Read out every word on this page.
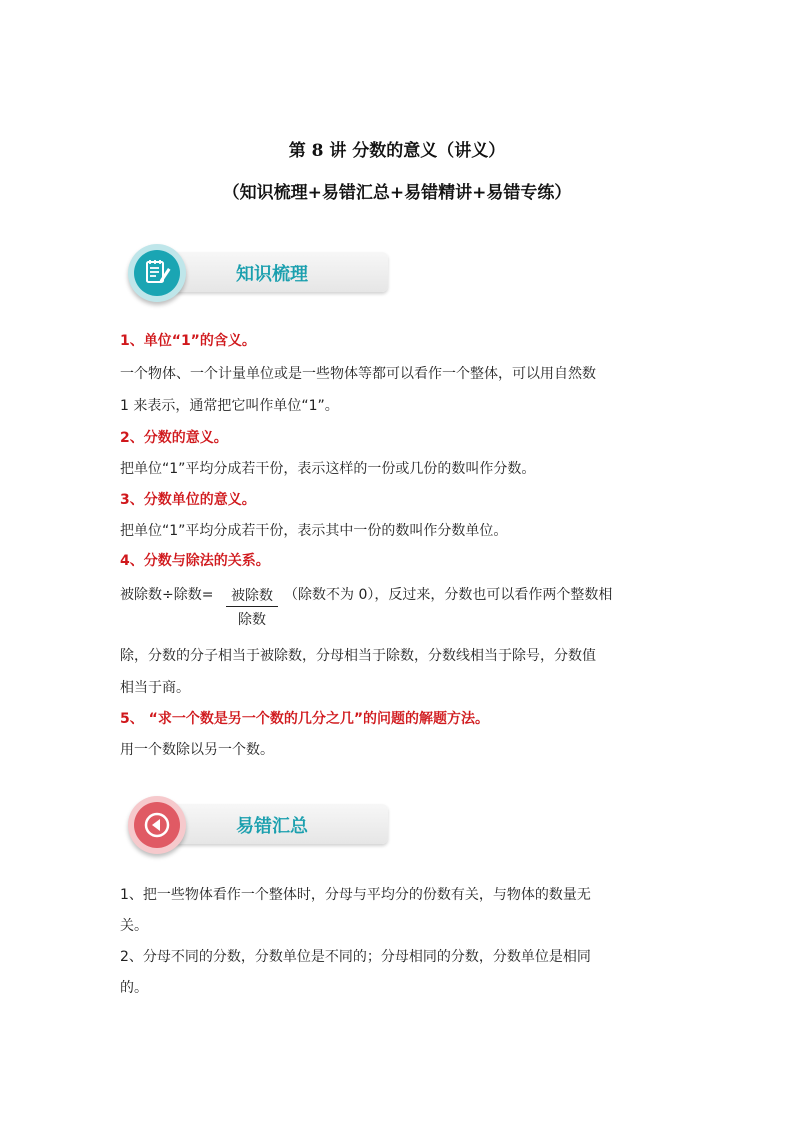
第 8 讲 分数的意义（讲义）
（知识梳理+易错汇总+易错精讲+易错专练）
知识梳理
1、单位“1”的含义。
一个物体、一个计量单位或是一些物体等都可以看作一个整体，可以用自然数
1 来表示，通常把它叫作单位“1”。
2、分数的意义。
把单位“1”平均分成若干份，表示这样的一份或几份的数叫作分数。
3、分数单位的意义。
把单位“1”平均分成若干份，表示其中一份的数叫作分数单位。
4、分数与除法的关系。
被除数÷除数=	被除数
除数
（除数不为 0），反过来，分数也可以看作两个整数相
除，分数的分子相当于被除数，分母相当于除数，分数线相当于除号，分数值
相当于商。
5、 “求一个数是另一个数的几分之几”的问题的解题方法。
用一个数除以另一个数。
易错汇总
1、把一些物体看作一个整体时，分母与平均分的份数有关，与物体的数量无
关。
2、分母不同的分数，分数单位是不同的；分母相同的分数，分数单位是相同
的。
